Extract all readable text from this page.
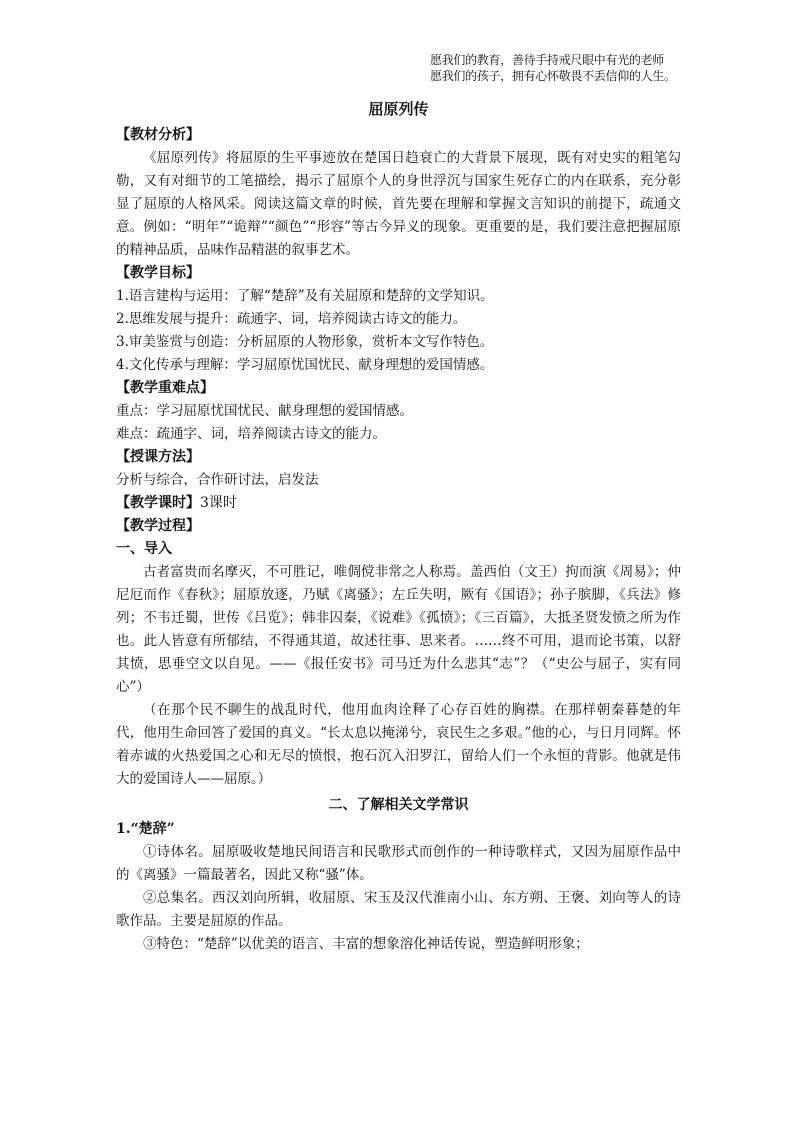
愿我们的教育，善待手持戒尺眼中有光的老师
愿我们的孩子，拥有心怀敬畏不丢信仰的人生。
屈原列传
【教材分析】

《屈原列传》将屈原的生平事迹放在楚国日趋衰亡的大背景下展现，既有对史实的粗笔勾勒，又有对细节的工笔描绘，揭示了屈原个人的身世浮沉与国家生死存亡的内在联系，充分彰显了屈原的人格风采。阅读这篇文章的时候，首先要在理解和掌握文言知识的前提下，疏通文意。例如：“明年”“诡辩”“颜色”“形容”等古今异义的现象。更重要的是，我们要注意把握屈原的精神品质，品味作品精湛的叙事艺术。

【教学目标】
1.语言建构与运用：了解“楚辞”及有关屈原和楚辞的文学知识。
2.思维发展与提升：疏通字、词，培养阅读古诗文的能力。
3.审美鉴赏与创造：分析屈原的人物形象，赏析本文写作特色。
4.文化传承与理解：学习屈原忧国忧民、献身理想的爱国情感。
【教学重难点】
重点：学习屈原忧国忧民、献身理想的爱国情感。
难点：疏通字、词，培养阅读古诗文的能力。
【授课方法】
分析与综合，合作研讨法，启发法
【教学课时】3课时
【教学过程】
一、导入

古者富贵而名摩灭，不可胜记，唯倜傥非常之人称焉。盖西伯（文王）拘而演《周易》；仲尼厄而作《春秋》；屈原放逐，乃赋《离骚》；左丘失明，厥有《国语》；孙子膑脚，《兵法》修列；不韦迁蜀，世传《吕览》；韩非囚秦，《说难》《孤愤》；《三百篇》，大抵圣贤发愤之所为作也。此人皆意有所郁结，不得通其道，故述往事、思来者。……终不可用，退而论书策，以舒其愤，思垂空文以自见。——《报任安书》司马迁为什么悲其“志”？（“史公与屈子，实有同心”）

（在那个民不聊生的战乱时代，他用血肉诠释了心存百姓的胸襟。在那样朝秦暮楚的年代，他用生命回答了爱国的真义。“长太息以掩涕兮，哀民生之多艰。”他的心，与日月同辉。怀着赤诚的火热爱国之心和无尽的愤恨，抱石沉入汨罗江，留给人们一个永恒的背影。他就是伟大的爱国诗人——屈原。）

二、了解相关文学常识
1.“楚辞”

①诗体名。屈原吸收楚地民间语言和民歌形式而创作的一种诗歌样式，又因为屈原作品中的《离骚》一篇最著名，因此又称“骚”体。

②总集名。西汉刘向所辑，收屈原、宋玉及汉代淮南小山、东方朔、王褒、刘向等人的诗歌作品。主要是屈原的作品。

③特色：“楚辞”以优美的语言、丰富的想象溶化神话传说，塑造鲜明形象；
